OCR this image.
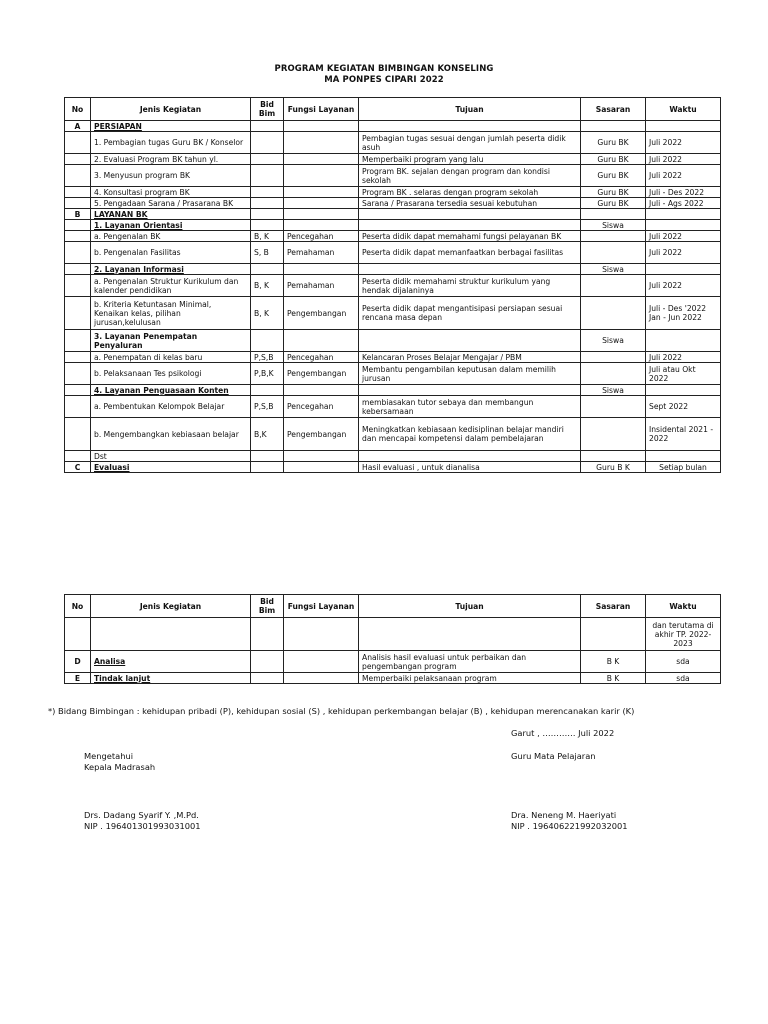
PROGRAM KEGIATAN BIMBINGAN KONSELING
MA PONPES CIPARI 2022
No	Jenis Kegiatan	Bid Bim	Fungsi Layanan	Tujuan	Sasaran	Waktu
A	PERSIAPAN					
	1. Pembagian tugas Guru BK / Konselor			Pembagian tugas sesuai dengan jumlah peserta didik asuh	Guru BK	Juli 2022
	2. Evaluasi Program BK tahun yl.			Memperbaiki program yang lalu	Guru BK	Juli 2022
	3. Menyusun program BK			Program BK. sejalan dengan program dan kondisi sekolah	Guru BK	Juli 2022
	4. Konsultasi program BK			Program BK . selaras dengan program sekolah	Guru BK	Juli - Des 2022
	5. Pengadaan Sarana / Prasarana BK			Sarana / Prasarana tersedia sesuai kebutuhan	Guru BK	Juli - Ags 2022
B	LAYANAN BK					
	1. Layanan Orientasi				Siswa	
	a. Pengenalan BK	B, K	Pencegahan	Peserta didik dapat memahami fungsi pelayanan BK		Juli 2022
	b. Pengenalan Fasilitas	S, B	Pemahaman	Peserta didik dapat memanfaatkan berbagai fasilitas		Juli 2022
	2. Layanan Informasi				Siswa	
	a. Pengenalan Struktur Kurikulum dan kalender pendidikan	B, K	Pemahaman	Peserta didik memahami struktur kurikulum yang hendak dijalaninya		Juli 2022
	b. Kriteria Ketuntasan Minimal, Kenaikan kelas, pilihan jurusan,kelulusan	B, K	Pengembangan	Peserta didik dapat mengantisipasi persiapan sesuai rencana masa depan		Juli - Des '2022 Jan - Jun 2022
	3. Layanan Penempatan Penyaluran				Siswa	
	a. Penempatan di kelas baru	P,S,B	Pencegahan	Kelancaran Proses Belajar Mengajar / PBM		Juli 2022
	b. Pelaksanaan Tes psikologi	P,B,K	Pengembangan	Membantu pengambilan keputusan dalam memilih jurusan		Juli atau Okt 2022
	4. Layanan Penguasaan Konten				Siswa	
	a. Pembentukan Kelompok Belajar	P,S,B	Pencegahan	membiasakan tutor sebaya dan membangun kebersamaan		Sept 2022
	b. Mengembangkan kebiasaan belajar	B,K	Pengembangan	Meningkatkan kebiasaan kedisiplinan belajar mandiri dan mencapai kompetensi dalam pembelajaran		Insidental 2021 - 2022
	Dst					
C	Evaluasi			Hasil evaluasi , untuk dianalisa	Guru B K	Setiap bulan
No	Jenis Kegiatan	Bid Bim	Fungsi Layanan	Tujuan	Sasaran	Waktu
						dan terutama di akhir TP. 2022-2023
D	Analisa			Analisis hasil evaluasi untuk perbaikan dan pengembangan program	B K	sda
E	Tindak lanjut			Memperbaiki pelaksanaan program	B K	sda
*) Bidang Bimbingan : kehidupan pribadi (P), kehidupan sosial (S) , kehidupan perkembangan belajar (B) , kehidupan merencanakan karir (K)
Garut , ………… Juli 2022
Mengetahui
Kepala Madrasah
Guru Mata Pelajaran
Drs. Dadang Syarif Y. ,M.Pd.
NIP . 196401301993031001
Dra. Neneng M. Haeriyati
NIP . 196406221992032001
